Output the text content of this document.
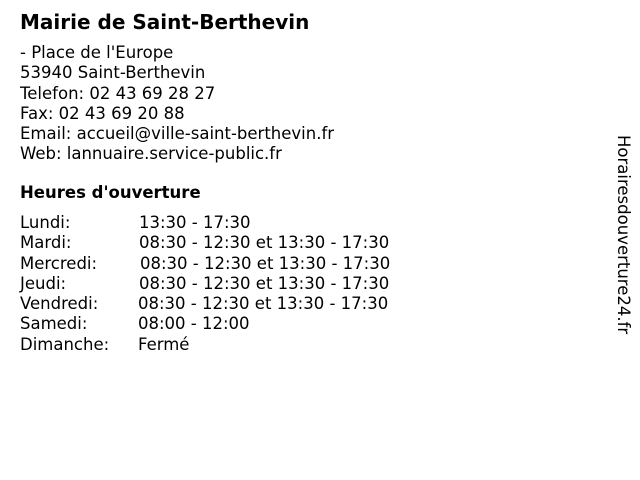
Mairie de Saint-Berthevin
- Place de l'Europe
53940 Saint-Berthevin
Telefon: 02 43 69 28 27
Fax: 02 43 69 20 88
Email: accueil@ville-saint-berthevin.fr
Web: lannuaire.service-public.fr
Heures d'ouverture
Lundi:	13:30 - 17:30
Mardi:	08:30 - 12:30 et 13:30 - 17:30
Mercredi:	08:30 - 12:30 et 13:30 - 17:30
Jeudi:	08:30 - 12:30 et 13:30 - 17:30
Vendredi: 08:30 - 12:30 et 13:30 - 17:30
Samedi:	08:00 - 12:00
Dimanche: Fermé
Horairesdouverture24.fr
